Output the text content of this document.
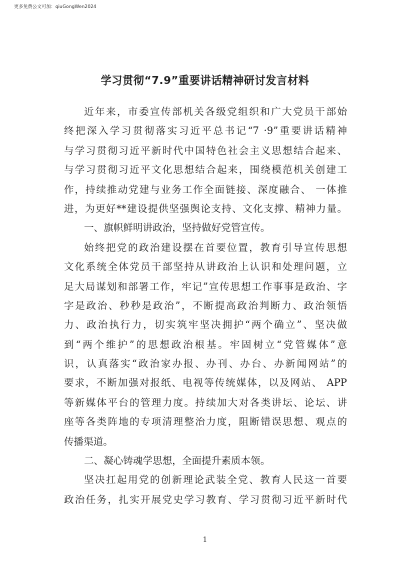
更多免费公文可加：qiuGongWen2024
学习贯彻“7.9”重要讲话精神研讨发言材料
近年来，市委宣传部机关各级党组织和广大党员干部始
终把深入学习贯彻落实习近平总书记“7 ·9”重要讲话精神
与学习贯彻习近平新时代中国特色社会主义思想结合起来、
与学习贯彻习近平文化思想结合起来，围绕模范机关创建工
作，持续推动党建与业务工作全面链接、深度融合、 一体推
进，为更好**建设提供坚强舆论支持、文化支撑、精神力量。
一、旗帜鲜明讲政治，坚持做好党管宣传。
始终把党的政治建设摆在首要位置，教育引导宣传思想
文化系统全体党员干部坚持从讲政治上认识和处理问题，立
足大局谋划和部署工作，牢记”宣传思想工作事事是政治、字
字是政治、秒秒是政治”，不断提高政治判断力、政治领悟
力、政治执行力，切实筑牢坚决拥护“两个确立”、坚决做
到“两个维护”的思想政治根基。牢固树立“党管媒体”意
识，认真落实“政治家办报、办刊、办台、办新闻网站”的
要求，不断加强对报纸、电视等传统媒体，以及网站、 APP
等新媒体平台的管理力度。持续加大对各类讲坛、论坛、讲
座等各类阵地的专项清理整治力度，阻断错误思想、观点的
传播渠道。
二、凝心铸魂学思想，全面提升素质本领。
坚决扛起用党的创新理论武装全党、教育人民这一首要
政治任务，扎实开展党史学习教育、学习贯彻习近平新时代
1
